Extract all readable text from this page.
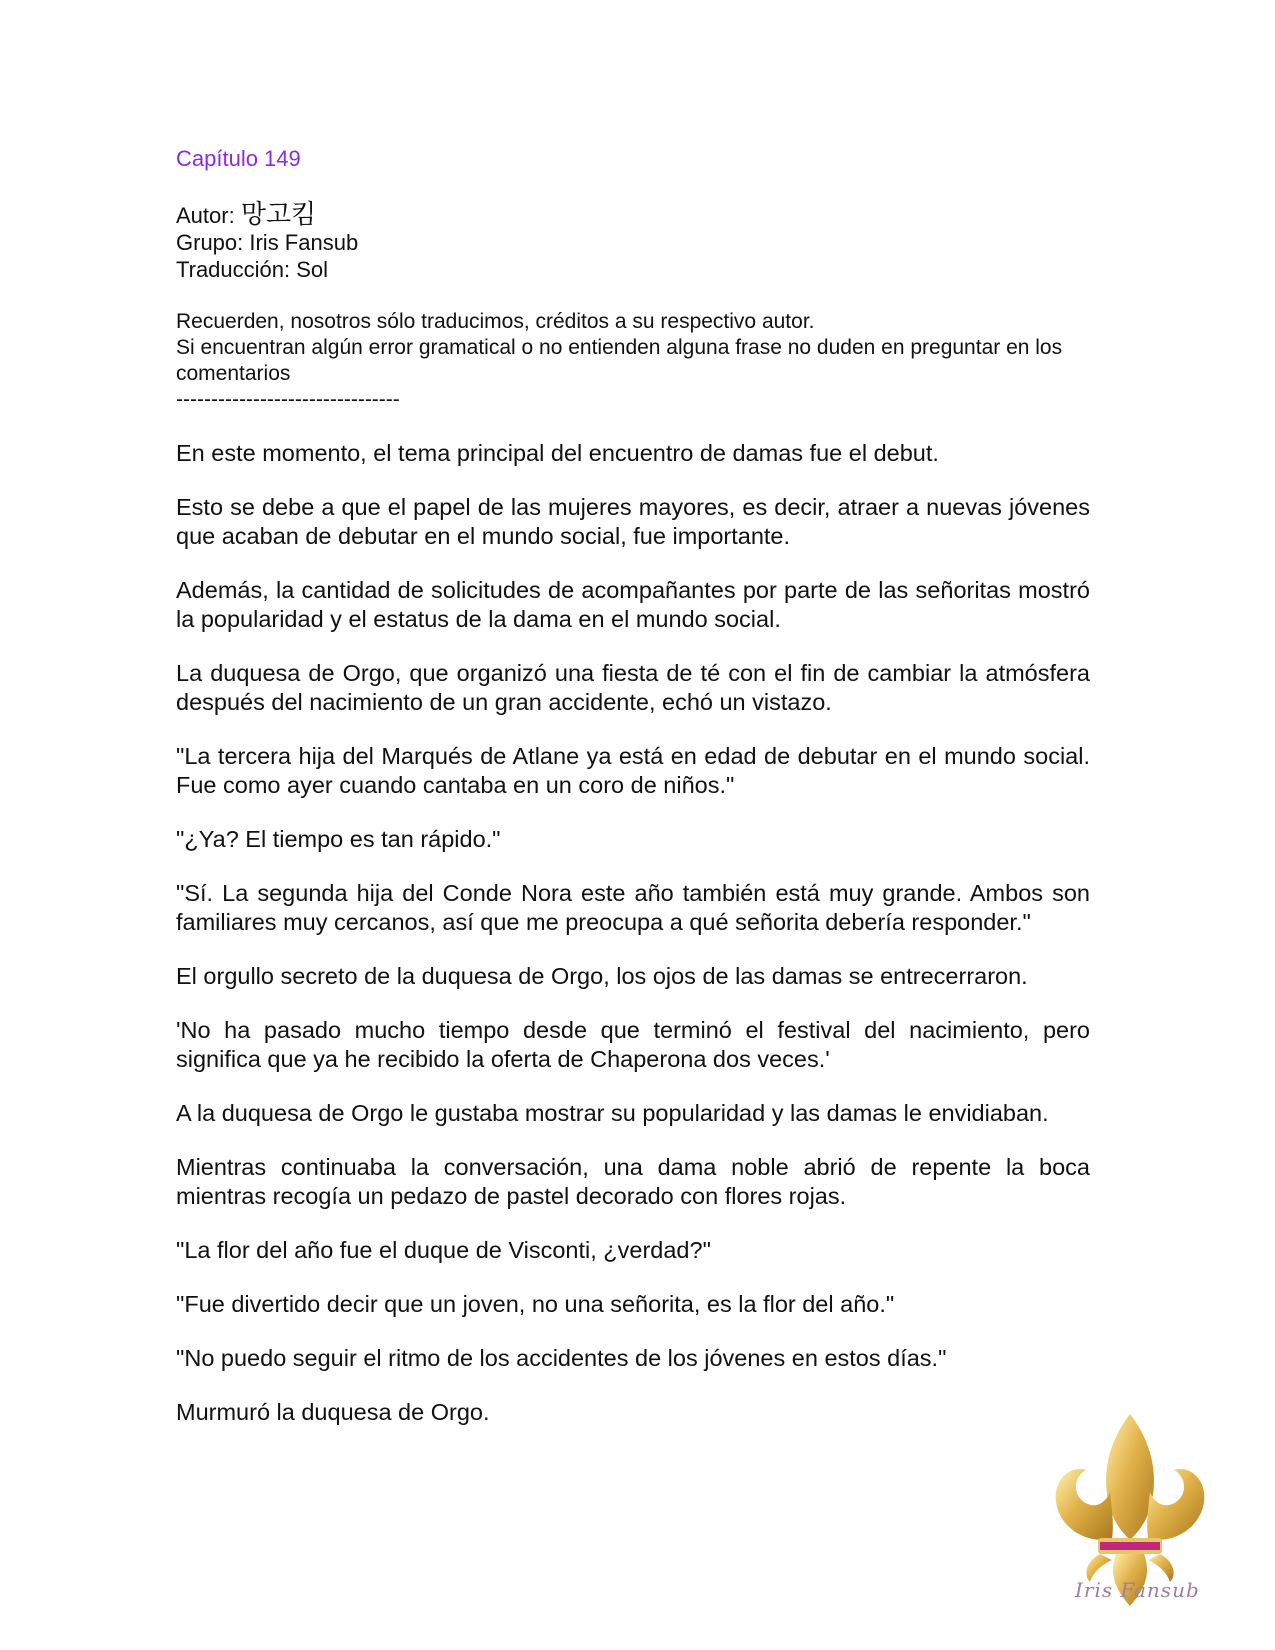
Capítulo 149
Autor: 망고킴
Grupo: Iris Fansub
Traducción: Sol
Recuerden, nosotros sólo traducimos, créditos a su respectivo autor.
Si encuentran algún error gramatical o no entienden alguna frase no duden en preguntar en los comentarios
--------------------------------

En este momento, el tema principal del encuentro de damas fue el debut.

Esto se debe a que el papel de las mujeres mayores, es decir, atraer a nuevas jóvenes que acaban de debutar en el mundo social, fue importante.

Además, la cantidad de solicitudes de acompañantes por parte de las señoritas mostró la popularidad y el estatus de la dama en el mundo social.

La duquesa de Orgo, que organizó una fiesta de té con el fin de cambiar la atmósfera después del nacimiento de un gran accidente, echó un vistazo.

"La tercera hija del Marqués de Atlane ya está en edad de debutar en el mundo social. Fue como ayer cuando cantaba en un coro de niños."

"¿Ya? El tiempo es tan rápido."

"Sí. La segunda hija del Conde Nora este año también está muy grande. Ambos son familiares muy cercanos, así que me preocupa a qué señorita debería responder."

El orgullo secreto de la duquesa de Orgo, los ojos de las damas se entrecerraron.

'No ha pasado mucho tiempo desde que terminó el festival del nacimiento, pero significa que ya he recibido la oferta de Chaperona dos veces.'

A la duquesa de Orgo le gustaba mostrar su popularidad y las damas le envidiaban.

Mientras continuaba la conversación, una dama noble abrió de repente la boca mientras recogía un pedazo de pastel decorado con flores rojas.

"La flor del año fue el duque de Visconti, ¿verdad?"

"Fue divertido decir que un joven, no una señorita, es la flor del año."

"No puedo seguir el ritmo de los accidentes de los jóvenes en estos días."

Murmuró la duquesa de Orgo.

Iris Fansub
